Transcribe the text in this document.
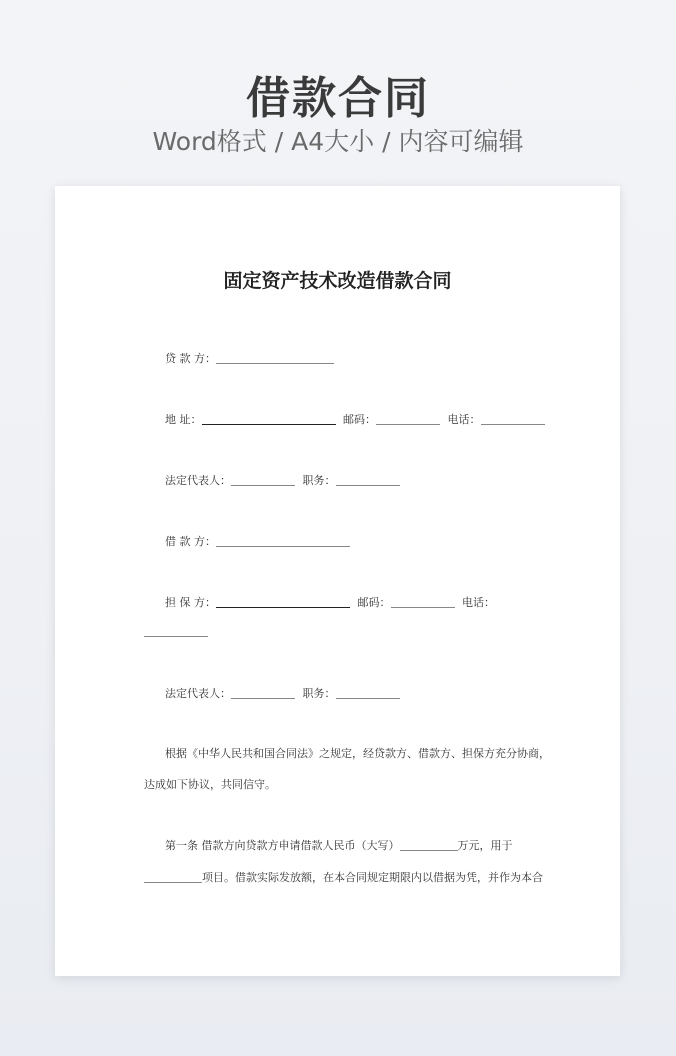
借款合同
Word格式 / A4大小 / 内容可编辑
固定资产技术改造借款合同
贷 款 方：
地 址：	邮码：	电话：
法定代表人：	职务：
借 款 方：
担 保 方：	邮码：	电话：
法定代表人：	职务：
根据《中华人民共和国合同法》之规定，经贷款方、借款方、担保方充分协商，
达成如下协议，共同信守。
第一条 借款方向贷款方申请借款人民币（大写）	万元，用于
项目。借款实际发放额，在本合同规定期限内以借据为凭，并作为本合
